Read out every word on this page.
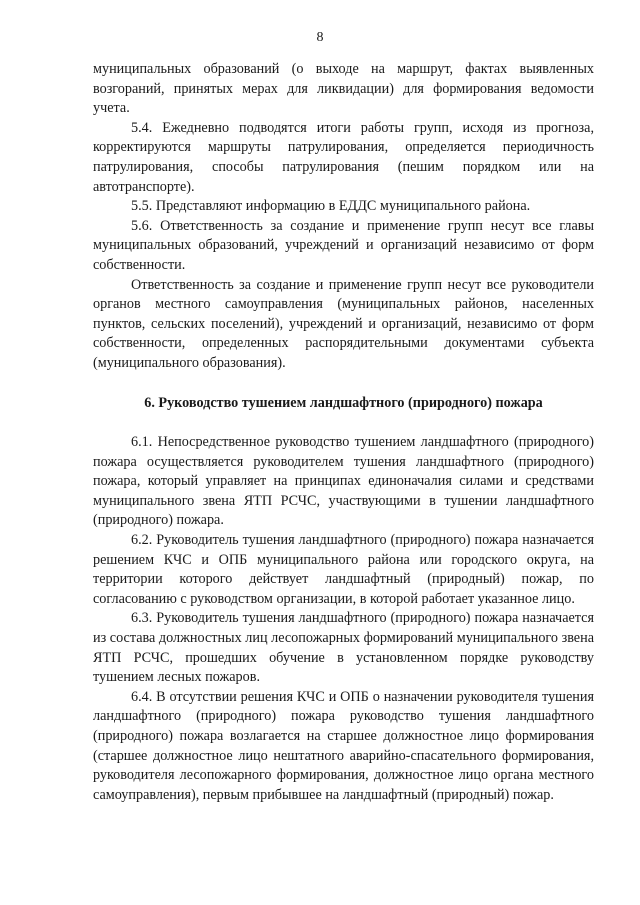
8

муниципальных образований (о выходе на маршрут, фактах выявленных возгораний, принятых мерах для ликвидации) для формирования ведомости учета.

5.4. Ежедневно подводятся итоги работы групп, исходя из прогноза, корректируются маршруты патрулирования, определяется периодичность патрулирования, способы патрулирования (пешим порядком или на автотранспорте).

5.5. Представляют информацию в ЕДДС муниципального района.

5.6. Ответственность за создание и применение групп несут все главы муниципальных образований, учреждений и организаций независимо от форм собственности.

Ответственность за создание и применение групп несут все руководители органов местного самоуправления (муниципальных районов, населенных пунктов, сельских поселений), учреждений и организаций, независимо от форм собственности, определенных распорядительными документами субъекта (муниципального образования).

6. Руководство тушением ландшафтного (природного) пожара

6.1. Непосредственное руководство тушением ландшафтного (природного) пожара осуществляется руководителем тушения ландшафтного (природного) пожара, который управляет на принципах единоначалия силами и средствами муниципального звена ЯТП РСЧС, участвующими в тушении ландшафтного (природного) пожара.

6.2. Руководитель тушения ландшафтного (природного) пожара назначается решением КЧС и ОПБ муниципального района или городского округа, на территории которого действует ландшафтный (природный) пожар, по согласованию с руководством организации, в которой работает указанное лицо.

6.3. Руководитель тушения ландшафтного (природного) пожара назначается из состава должностных лиц лесопожарных формирований муниципального звена ЯТП РСЧС, прошедших обучение в установленном порядке руководству тушением лесных пожаров.

6.4. В отсутствии решения КЧС и ОПБ о назначении руководителя тушения ландшафтного (природного) пожара руководство тушения ландшафтного (природного) пожара возлагается на старшее должностное лицо формирования (старшее должностное лицо нештатного аварийно-спасательного формирования, руководителя лесопожарного формирования, должностное лицо органа местного самоуправления), первым прибывшее на ландшафтный (природный) пожар.
